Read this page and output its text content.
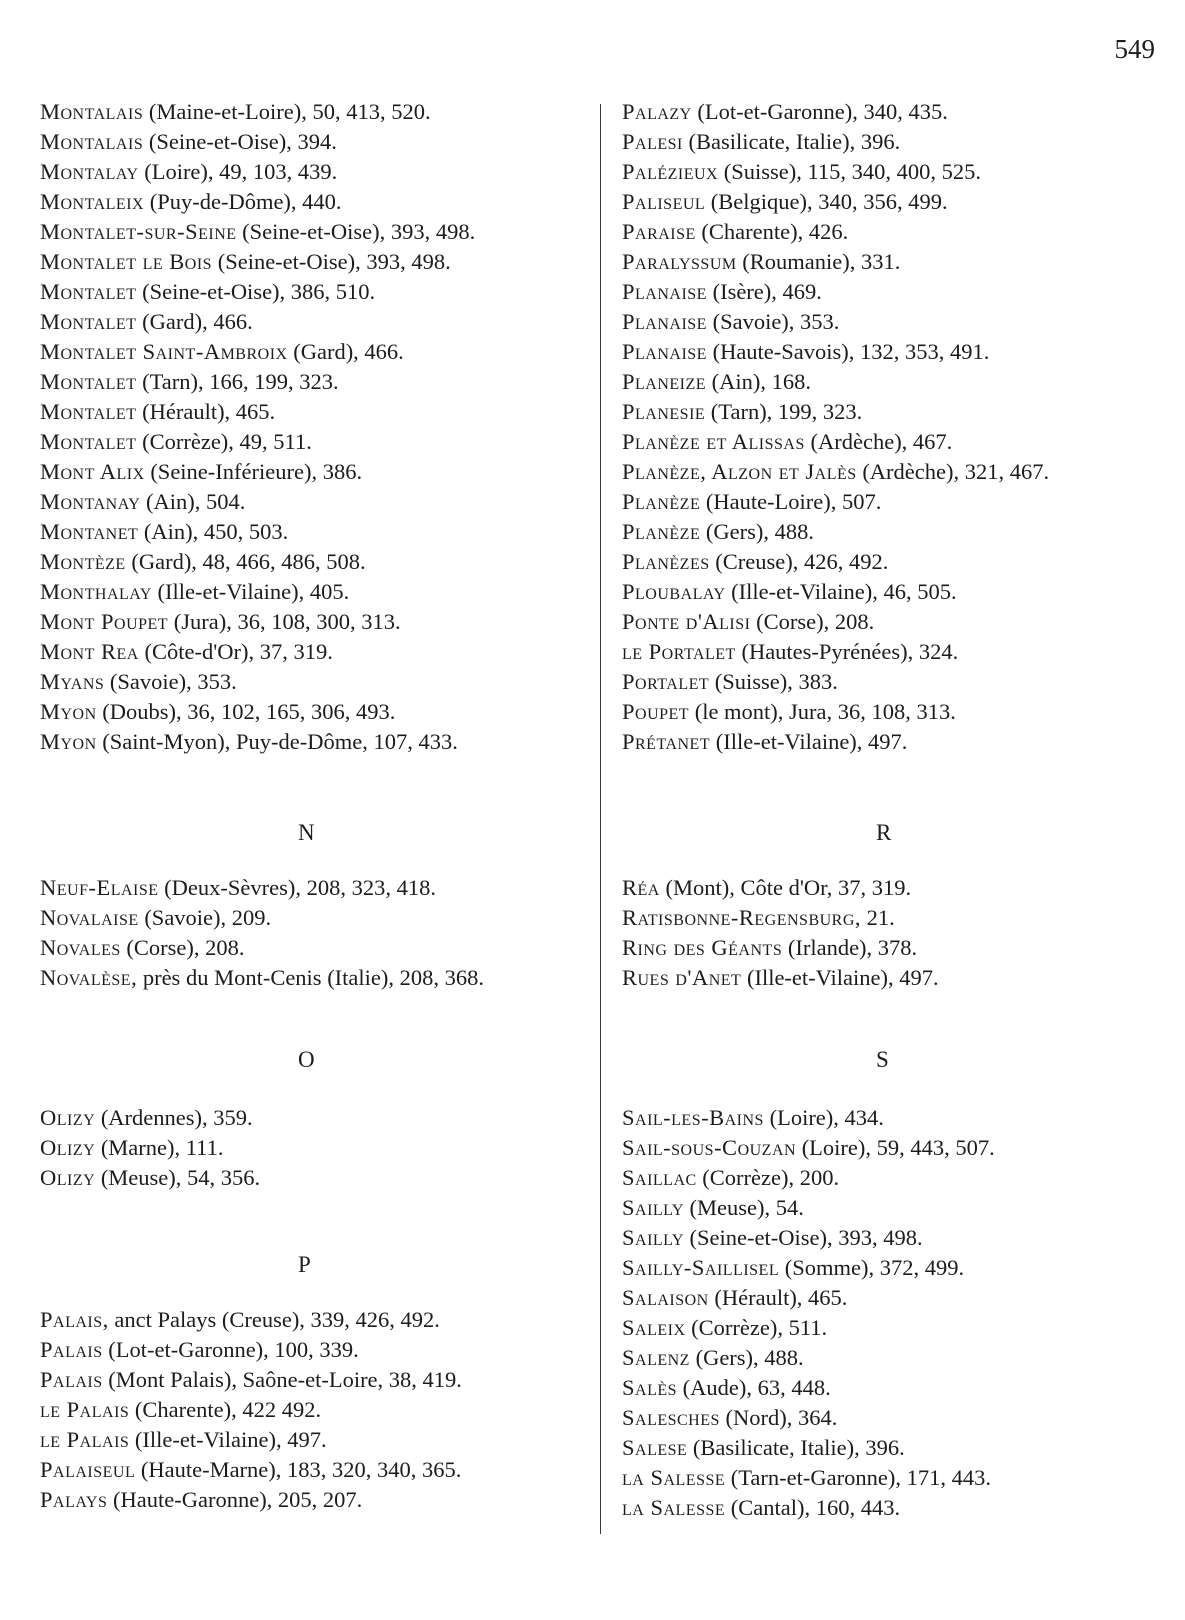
549
Montalais (Maine-et-Loire), 50, 413, 520.
Montalais (Seine-et-Oise), 394.
Montalay (Loire), 49, 103, 439.
Montaleix (Puy-de-Dôme), 440.
Montalet-sur-Seine (Seine-et-Oise), 393, 498.
Montalet le Bois (Seine-et-Oise), 393, 498.
Montalet (Seine-et-Oise), 386, 510.
Montalet (Gard), 466.
Montalet Saint-Ambroix (Gard), 466.
Montalet (Tarn), 166, 199, 323.
Montalet (Hérault), 465.
Montalet (Corrèze), 49, 511.
Mont Alix (Seine-Inférieure), 386.
Montanay (Ain), 504.
Montanet (Ain), 450, 503.
Montèze (Gard), 48, 466, 486, 508.
Monthalay (Ille-et-Vilaine), 405.
Mont Poupet (Jura), 36, 108, 300, 313.
Mont Rea (Côte-d'Or), 37, 319.
Myans (Savoie), 353.
Myon (Doubs), 36, 102, 165, 306, 493.
Myon (Saint-Myon), Puy-de-Dôme, 107, 433.
N
Neuf-Elaise (Deux-Sèvres), 208, 323, 418.
Novalaise (Savoie), 209.
Novales (Corse), 208.
Novalèse, près du Mont-Cenis (Italie), 208, 368.
O
Olizy (Ardennes), 359.
Olizy (Marne), 111.
Olizy (Meuse), 54, 356.
P
Palais, anct Palays (Creuse), 339, 426, 492.
Palais (Lot-et-Garonne), 100, 339.
Palais (Mont Palais), Saône-et-Loire, 38, 419.
le Palais (Charente), 422 492.
le Palais (Ille-et-Vilaine), 497.
Palaiseul (Haute-Marne), 183, 320, 340, 365.
Palays (Haute-Garonne), 205, 207.
Palazy (Lot-et-Garonne), 340, 435.
Palesi (Basilicate, Italie), 396.
Palézieux (Suisse), 115, 340, 400, 525.
Paliseul (Belgique), 340, 356, 499.
Paraise (Charente), 426.
Paralyssum (Roumanie), 331.
Planaise (Isère), 469.
Planaise (Savoie), 353.
Planaise (Haute-Savois), 132, 353, 491.
Planeize (Ain), 168.
Planesie (Tarn), 199, 323.
Planèze et Alissas (Ardèche), 467.
Planèze, Alzon et Jalès (Ardèche), 321, 467.
Planèze (Haute-Loire), 507.
Planèze (Gers), 488.
Planèzes (Creuse), 426, 492.
Ploubalay (Ille-et-Vilaine), 46, 505.
Ponte d'Alisi (Corse), 208.
le Portalet (Hautes-Pyrénées), 324.
Portalet (Suisse), 383.
Poupet (le mont), Jura, 36, 108, 313.
Prétanet (Ille-et-Vilaine), 497.
R
Réa (Mont), Côte d'Or, 37, 319.
Ratisbonne-Regensburg, 21.
Ring des Géants (Irlande), 378.
Rues d'Anet (Ille-et-Vilaine), 497.
S
Sail-les-Bains (Loire), 434.
Sail-sous-Couzan (Loire), 59, 443, 507.
Saillac (Corrèze), 200.
Sailly (Meuse), 54.
Sailly (Seine-et-Oise), 393, 498.
Sailly-Saillisel (Somme), 372, 499.
Salaison (Hérault), 465.
Saleix (Corrèze), 511.
Salenz (Gers), 488.
Salès (Aude), 63, 448.
Salesches (Nord), 364.
Salese (Basilicate, Italie), 396.
la Salesse (Tarn-et-Garonne), 171, 443.
la Salesse (Cantal), 160, 443.
